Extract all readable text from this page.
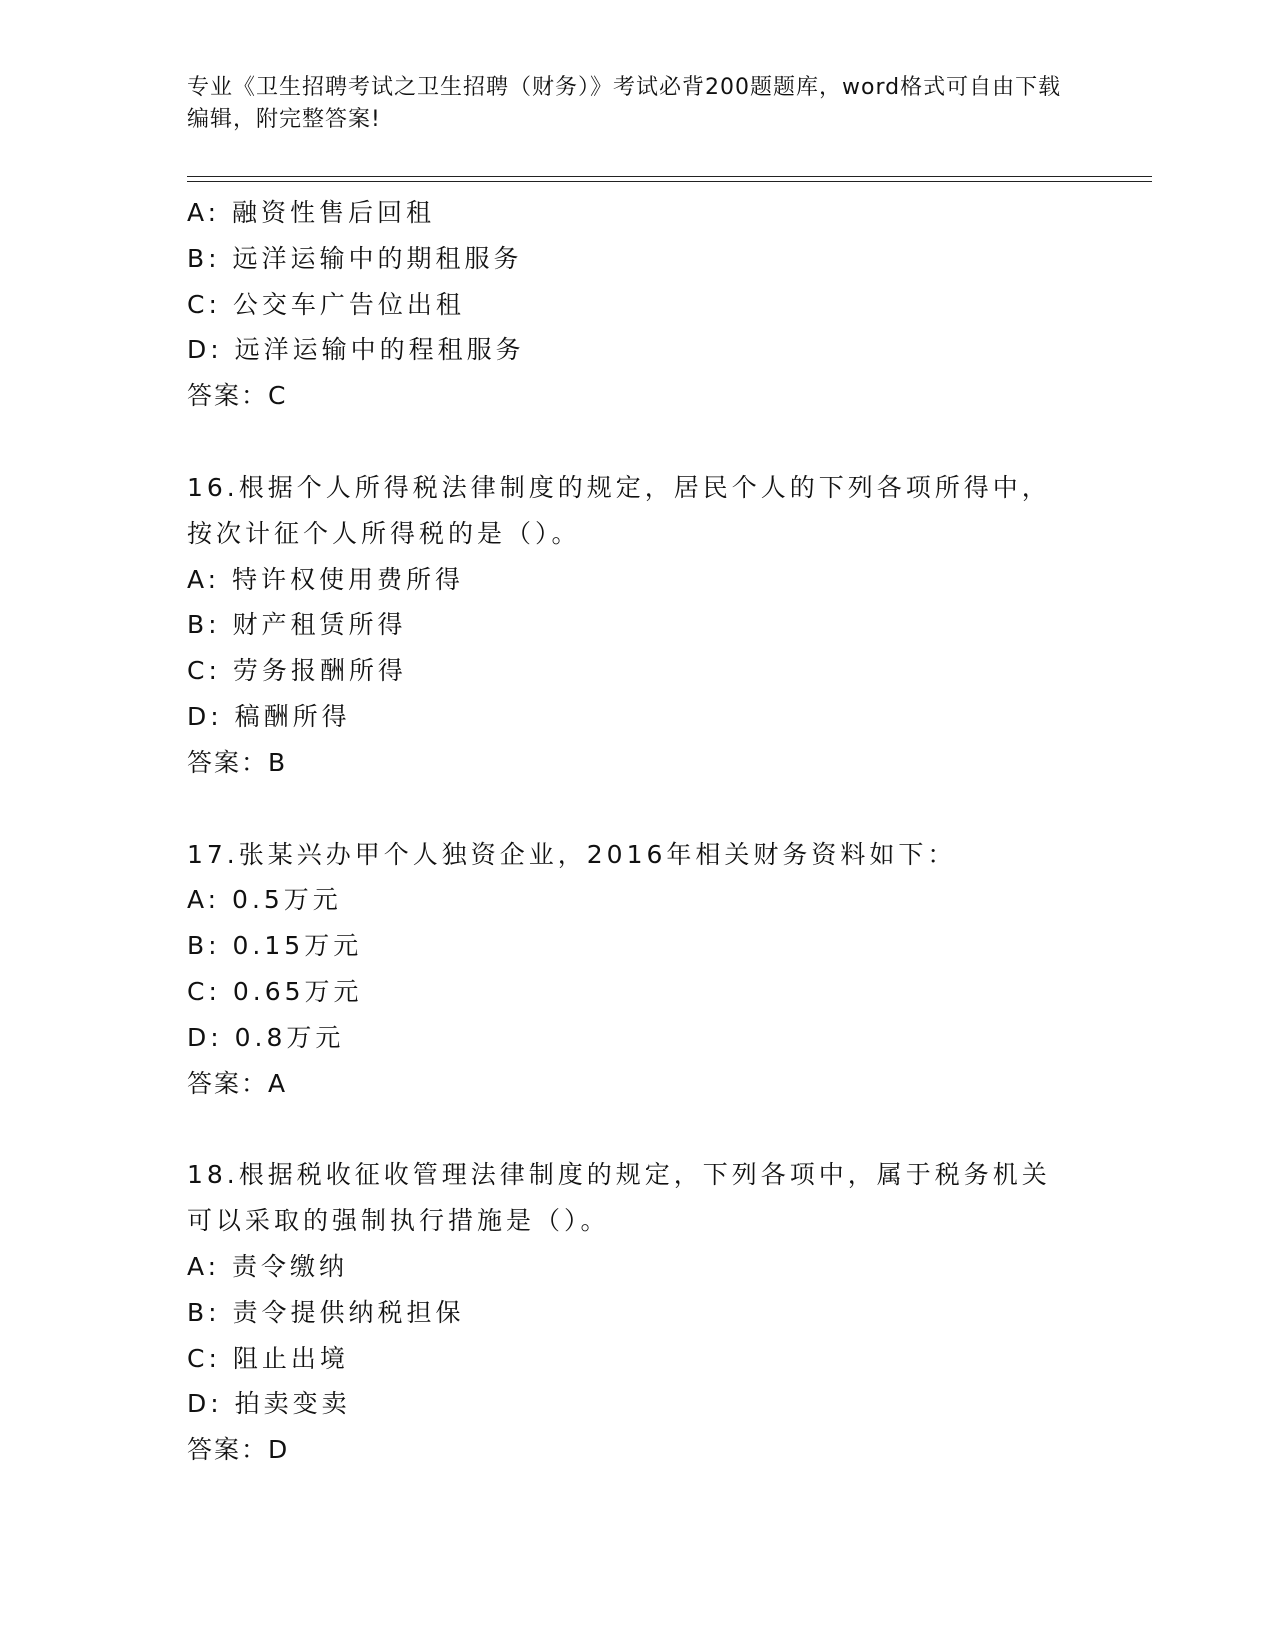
专业《卫生招聘考试之卫生招聘（财务）》考试必背200题题库，word格式可自由下载编辑，附完整答案!
A: 融资性售后回租
B: 远洋运输中的期租服务
C: 公交车广告位出租
D: 远洋运输中的程租服务
答案：C
16.根据个人所得税法律制度的规定，居民个人的下列各项所得中，按次计征个人所得税的是（）。
A: 特许权使用费所得
B: 财产租赁所得
C: 劳务报酬所得
D: 稿酬所得
答案：B
17.张某兴办甲个人独资企业，2016年相关财务资料如下：
A: 0.5万元
B: 0.15万元
C: 0.65万元
D: 0.8万元
答案：A
18.根据税收征收管理法律制度的规定，下列各项中，属于税务机关可以采取的强制执行措施是（）。
A: 责令缴纳
B: 责令提供纳税担保
C: 阻止出境
D: 拍卖变卖
答案：D
